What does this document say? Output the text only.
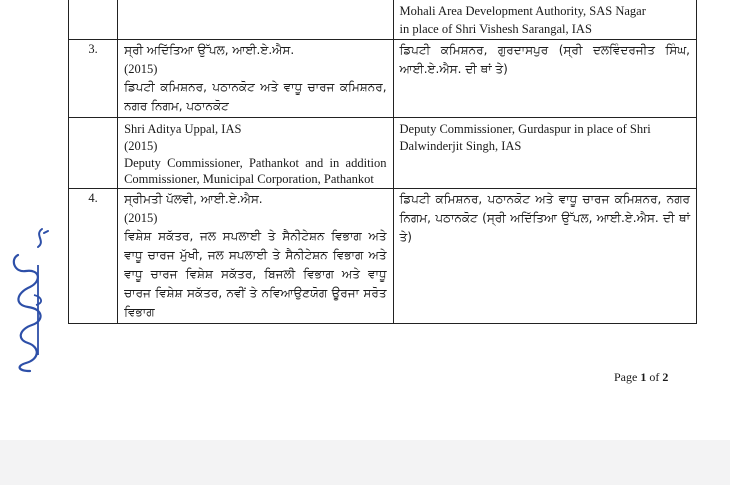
		Mohali Area Development Authority, SAS Nagar
in place of Shri Vishesh Sarangal, IAS

3.	ਸ੍ਰੀ ਅਦਿੱਤਿਆ ਉੱਪਲ, ਆਈ.ਏ.ਐਸ.
(2015)
ਡਿਪਟੀ ਕਮਿਸ਼ਨਰ, ਪਠਾਨਕੋਟ ਅਤੇ ਵਾਧੂ ਚਾਰਜ ਕਮਿਸ਼ਨਰ, ਨਗਰ ਨਿਗਮ, ਪਠਾਨਕੋਟ	ਡਿਪਟੀ ਕਮਿਸ਼ਨਰ, ਗੁਰਦਾਸਪੁਰ (ਸ੍ਰੀ ਦਲਵਿੰਦਰਜੀਤ ਸਿੰਘ, ਆਈ.ਏ.ਐਸ. ਦੀ ਥਾਂ ਤੇ)

	Shri Aditya Uppal, IAS
(2015)
Deputy Commissioner, Pathankot and in addition Commissioner, Municipal Corporation, Pathankot	Deputy Commissioner, Gurdaspur in place of Shri Dalwinderjit Singh, IAS

4.	ਸ੍ਰੀਮਤੀ ਪੱਲਵੀ, ਆਈ.ਏ.ਐਸ.
(2015)
ਵਿਸ਼ੇਸ਼ ਸਕੱਤਰ, ਜਲ ਸਪਲਾਈ ਤੇ ਸੈਨੀਟੇਸ਼ਨ ਵਿਭਾਗ ਅਤੇ ਵਾਧੂ ਚਾਰਜ ਮੁੱਖੀ, ਜਲ ਸਪਲਾਈ ਤੇ ਸੈਨੀਟੇਸ਼ਨ ਵਿਭਾਗ ਅਤੇ ਵਾਧੂ ਚਾਰਜ ਵਿਸ਼ੇਸ਼ ਸਕੱਤਰ, ਬਿਜਲੀ ਵਿਭਾਗ ਅਤੇ ਵਾਧੂ ਚਾਰਜ ਵਿਸ਼ੇਸ਼ ਸਕੱਤਰ, ਨਵੀਂ ਤੇ ਨਵਿਆਉਣਯੋਗ ਊਰਜਾ ਸਰੋਤ ਵਿਭਾਗ	ਡਿਪਟੀ ਕਮਿਸ਼ਨਰ, ਪਠਾਨਕੋਟ ਅਤੇ ਵਾਧੂ ਚਾਰਜ ਕਮਿਸ਼ਨਰ, ਨਗਰ ਨਿਗਮ, ਪਠਾਨਕੋਟ (ਸ੍ਰੀ ਅਦਿੱਤਿਆ ਉੱਪਲ, ਆਈ.ਏ.ਐਸ. ਦੀ ਥਾਂ ਤੇ)
Page 1 of 2
